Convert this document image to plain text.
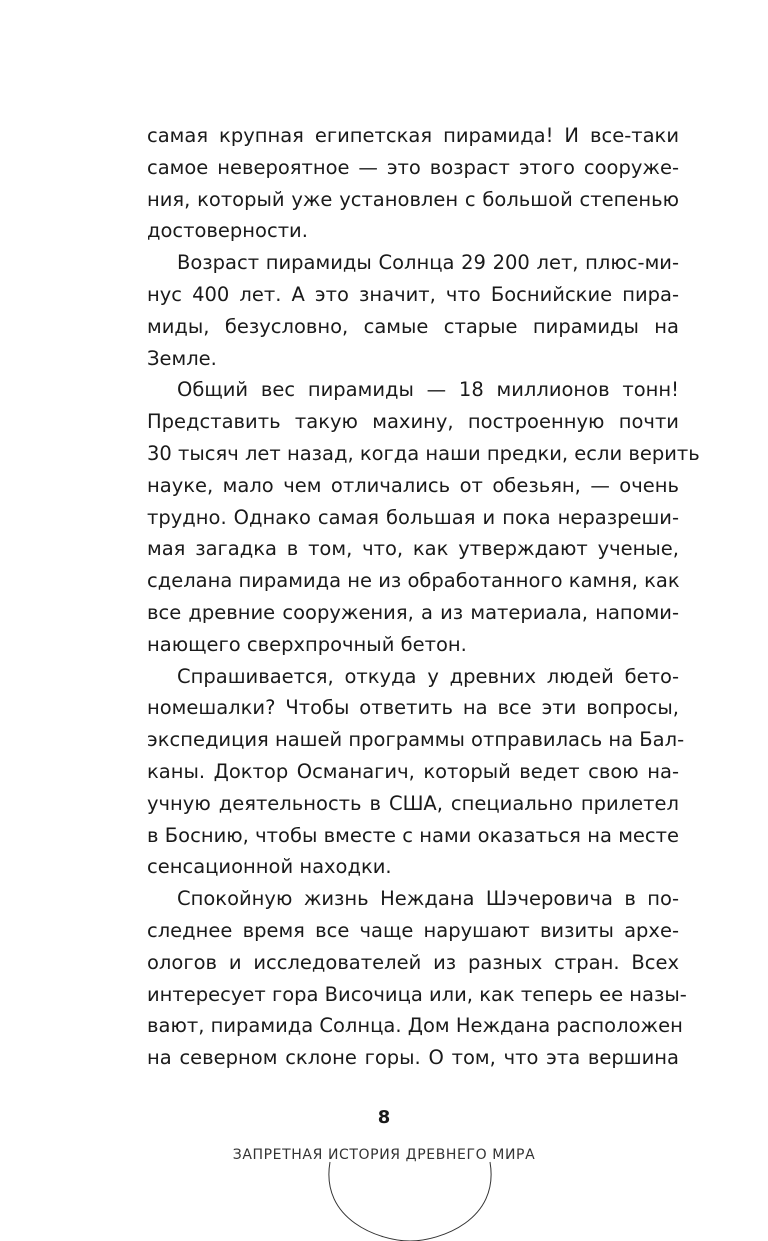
самая крупная египетская пирамида! И все-таки
самое невероятное — это возраст этого сооруже-
ния, который уже установлен с большой степенью
достоверности.
Возраст пирамиды Солнца 29 200 лет, плюс-ми-
нус 400 лет. А это значит, что Боснийские пира-
миды, безусловно, самые старые пирамиды на
Земле.
Общий вес пирамиды — 18 миллионов тонн!
Представить такую махину, построенную почти
30 тысяч лет назад, когда наши предки, если верить
науке, мало чем отличались от обезьян, — очень
трудно. Однако самая большая и пока неразреши-
мая загадка в том, что, как утверждают ученые,
сделана пирамида не из обработанного камня, как
все древние сооружения, а из материала, напоми-
нающего сверхпрочный бетон.
Спрашивается, откуда у древних людей бето-
номешалки? Чтобы ответить на все эти вопросы,
экспедиция нашей программы отправилась на Бал-
каны. Доктор Османагич, который ведет свою на-
учную деятельность в США, специально прилетел
в Боснию, чтобы вместе с нами оказаться на месте
сенсационной находки.
Спокойную жизнь Неждана Шэчеровича в по-
следнее время все чаще нарушают визиты архе-
ологов и исследователей из разных стран. Всех
интересует гора Височица или, как теперь ее назы-
вают, пирамида Солнца. Дом Неждана расположен
на северном склоне горы. О том, что эта вершина
8
ЗАПРЕТНАЯ ИСТОРИЯ ДРЕВНЕГО МИРА
